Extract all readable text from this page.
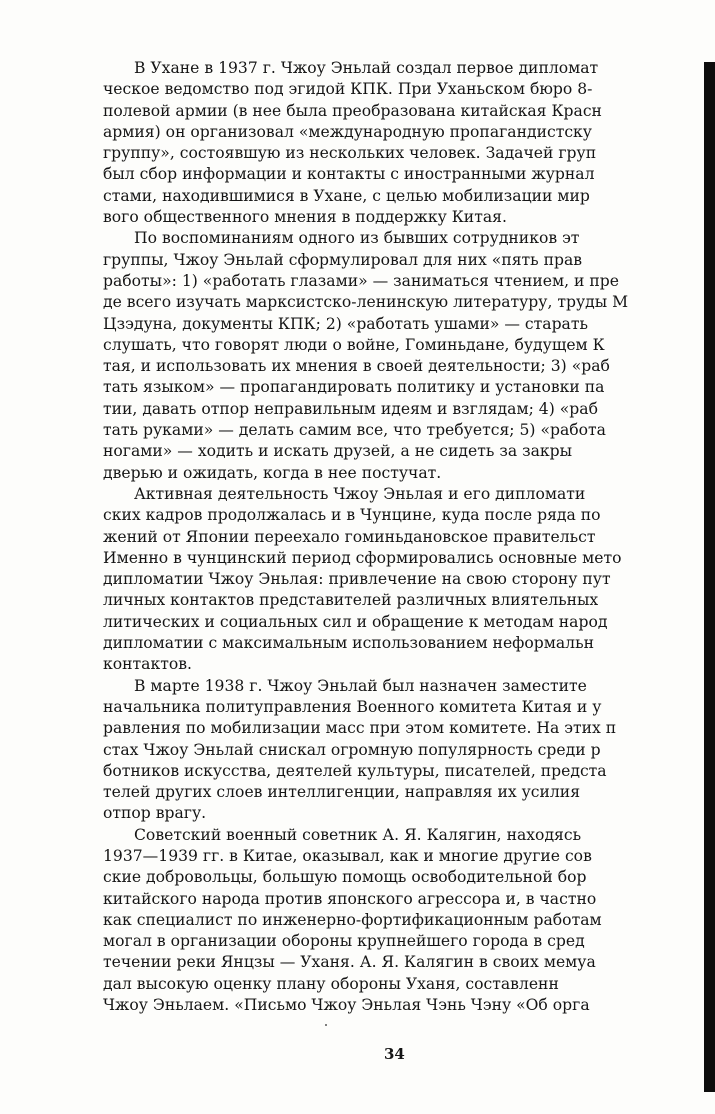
В Ухане в 1937 г. Чжоу Эньлай создал первое дипломат
ческое ведомство под эгидой КПК. При Уханьском бюро 8-
полевой армии (в нее была преобразована китайская Красн
армия) он организовал «международную пропагандистску
группу», состоявшую из нескольких человек. Задачей груп
был сбор информации и контакты с иностранными журнал
стами, находившимися в Ухане, с целью мобилизации мир
вого общественного мнения в поддержку Китая.
По воспоминаниям одного из бывших сотрудников эт
группы, Чжоу Эньлай сформулировал для них «пять прав
работы»: 1) «работать глазами» — заниматься чтением, и пре
де всего изучать марксистско-ленинскую литературу, труды М
Цзэдуна, документы КПК; 2) «работать ушами» — старать
слушать, что говорят люди о войне, Гоминьдане, будущем К
тая, и использовать их мнения в своей деятельности; 3) «раб
тать языком» — пропагандировать политику и установки па
тии, давать отпор неправильным идеям и взглядам; 4) «раб
тать руками» — делать самим все, что требуется; 5) «работа
ногами» — ходить и искать друзей, а не сидеть за закры
дверью и ожидать, когда в нее постучат.
Активная деятельность Чжоу Эньлая и его дипломати
ских кадров продолжалась и в Чунцине, куда после ряда по
жений от Японии переехало гоминьдановское правительст
Именно в чунцинский период сформировались основные мето
дипломатии Чжоу Эньлая: привлечение на свою сторону пут
личных контактов представителей различных влиятельных
литических и социальных сил и обращение к методам народ
дипломатии с максимальным использованием неформальн
контактов.
В марте 1938 г. Чжоу Эньлай был назначен заместите
начальника политуправления Военного комитета Китая и у
равления по мобилизации масс при этом комитете. На этих п
стах Чжоу Эньлай снискал огромную популярность среди р
ботников искусства, деятелей культуры, писателей, предста
телей других слоев интеллигенции, направляя их усилия
отпор врагу.
Советский военный советник А. Я. Калягин, находясь
1937—1939 гг. в Китае, оказывал, как и многие другие сов
ские добровольцы, большую помощь освободительной бор
китайского народа против японского агрессора и, в частно
как специалист по инженерно-фортификационным работам
могал в организации обороны крупнейшего города в сред
течении реки Янцзы — Уханя. А. Я. Калягин в своих мемуа
дал высокую оценку плану обороны Уханя, составленн
Чжоу Эньлаем. «Письмо Чжоу Эньлая Чэнь Чэну «Об орга
34
